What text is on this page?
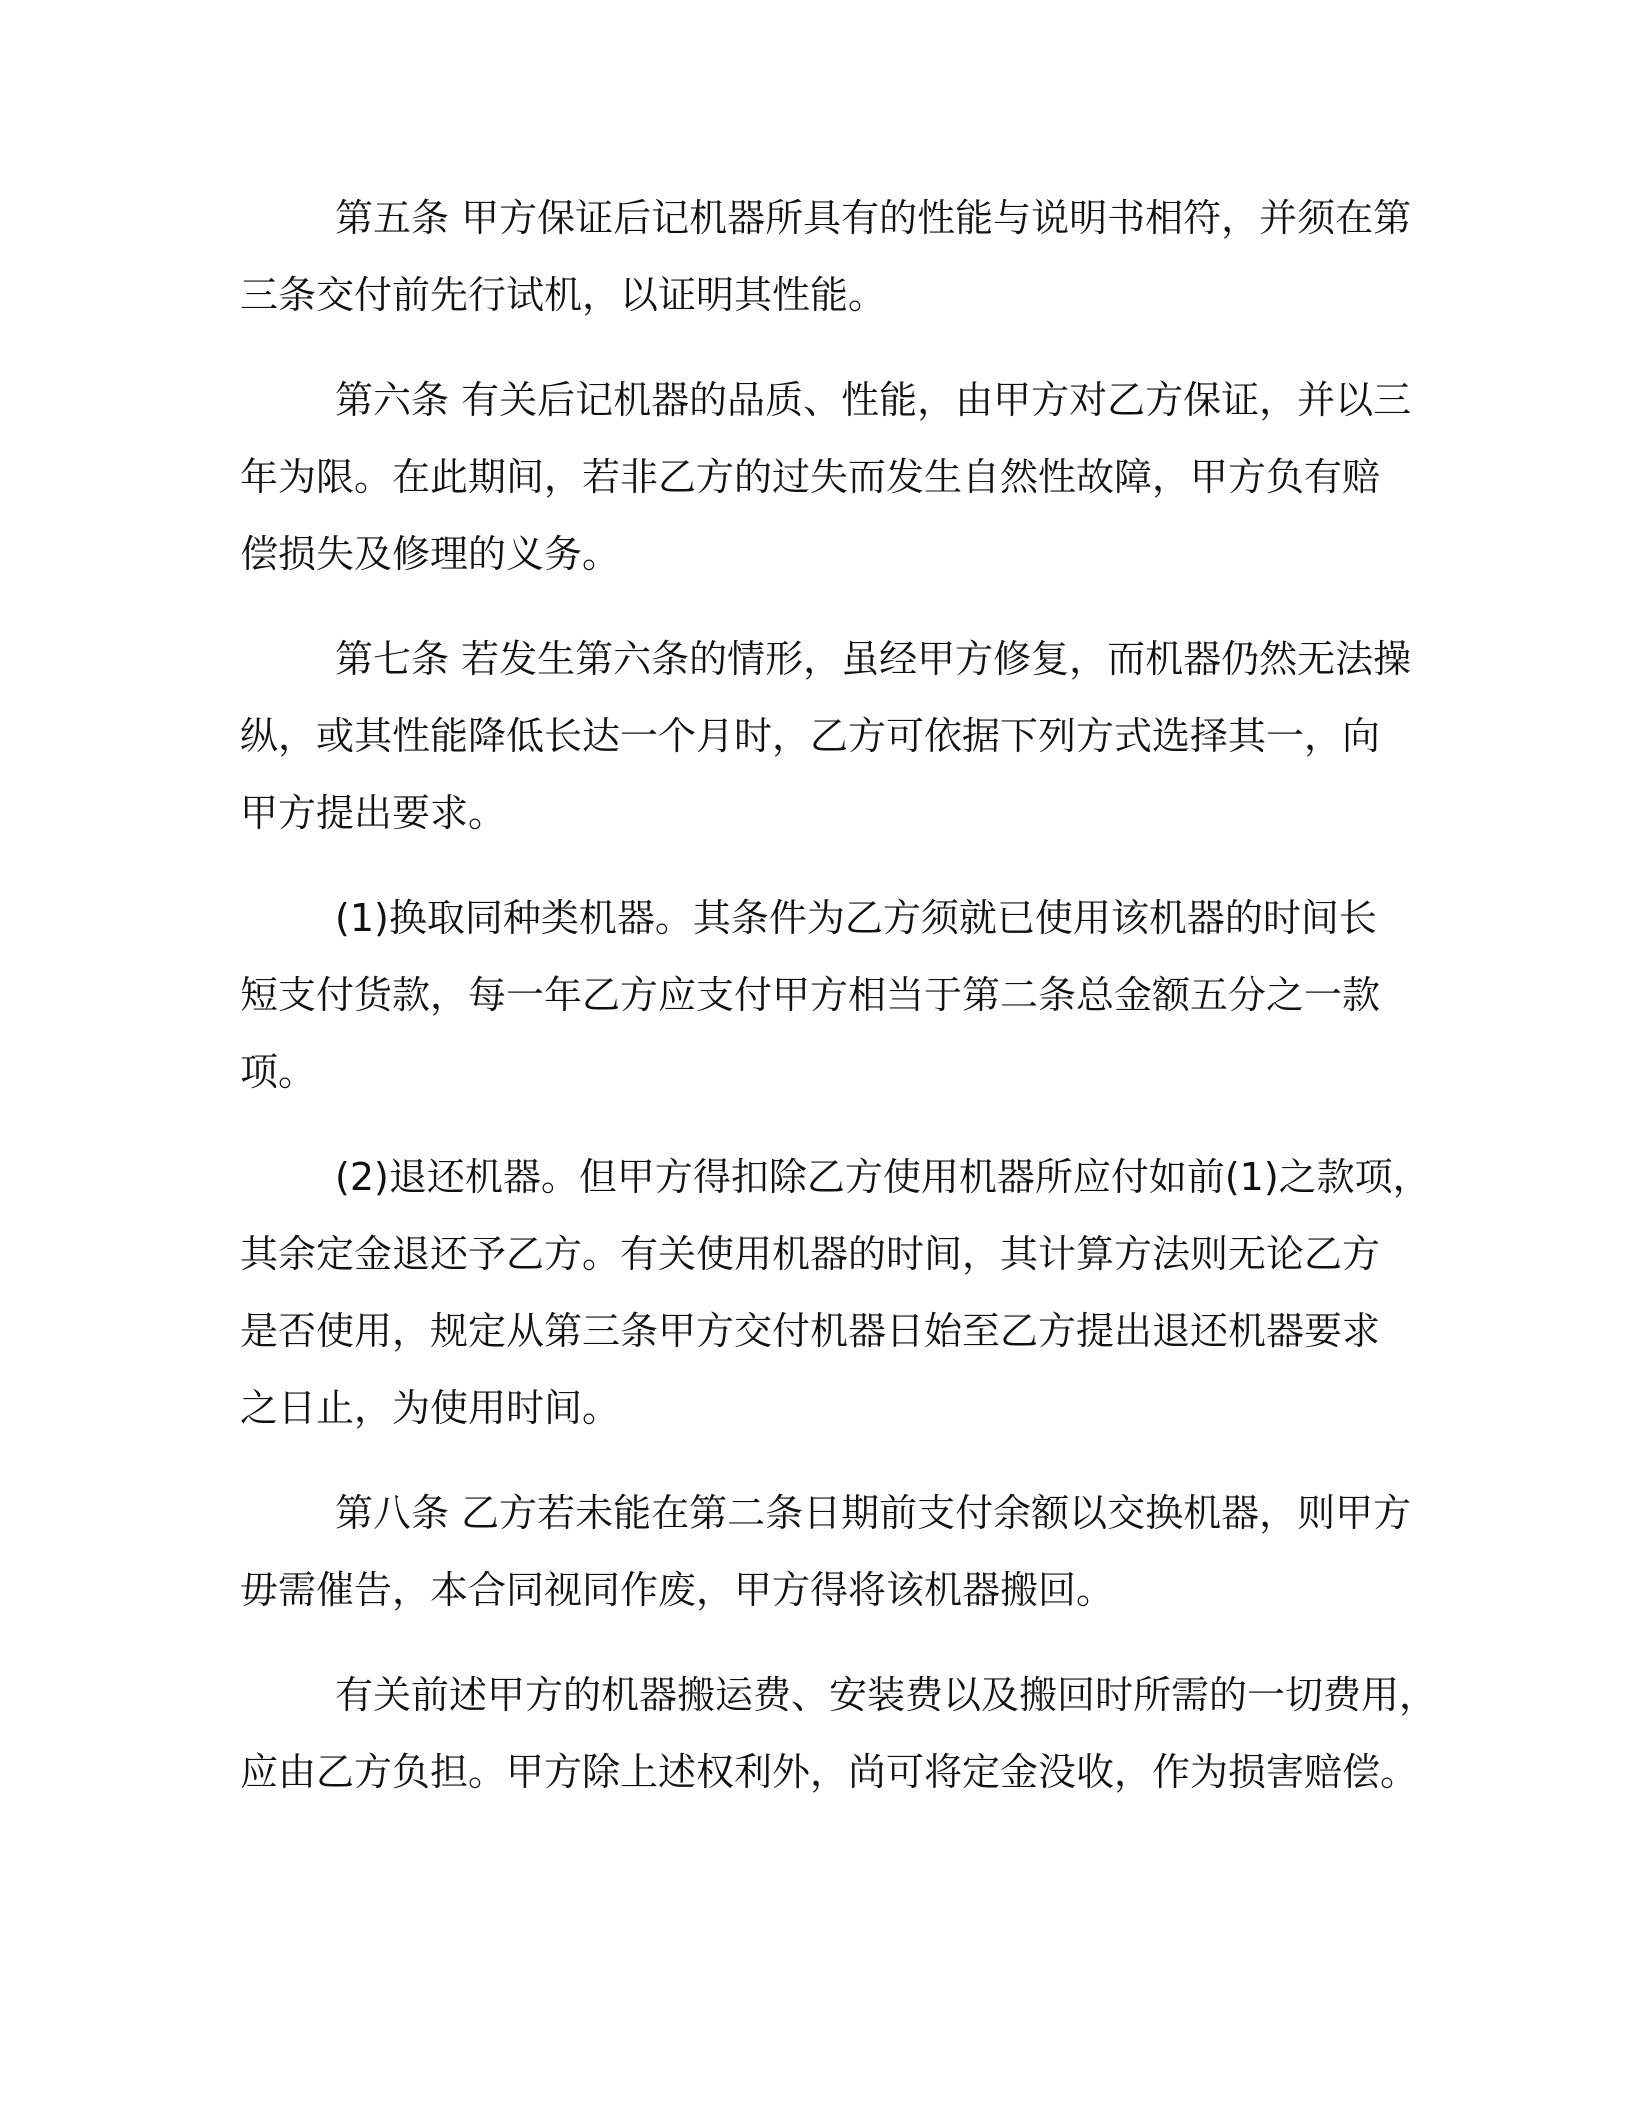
第五条 甲方保证后记机器所具有的性能与说明书相符，并须在第
三条交付前先行试机，以证明其性能。

第六条 有关后记机器的品质、性能，由甲方对乙方保证，并以三
年为限。在此期间，若非乙方的过失而发生自然性故障，甲方负有赔
偿损失及修理的义务。

第七条 若发生第六条的情形，虽经甲方修复，而机器仍然无法操
纵，或其性能降低长达一个月时，乙方可依据下列方式选择其一，向
甲方提出要求。

(1)换取同种类机器。其条件为乙方须就已使用该机器的时间长
短支付货款，每一年乙方应支付甲方相当于第二条总金额五分之一款
项。

(2)退还机器。但甲方得扣除乙方使用机器所应付如前(1)之款项，
其余定金退还予乙方。有关使用机器的时间，其计算方法则无论乙方
是否使用，规定从第三条甲方交付机器日始至乙方提出退还机器要求
之日止，为使用时间。

第八条 乙方若未能在第二条日期前支付余额以交换机器，则甲方
毋需催告，本合同视同作废，甲方得将该机器搬回。

有关前述甲方的机器搬运费、安装费以及搬回时所需的一切费用，
应由乙方负担。甲方除上述权利外，尚可将定金没收，作为损害赔偿。
